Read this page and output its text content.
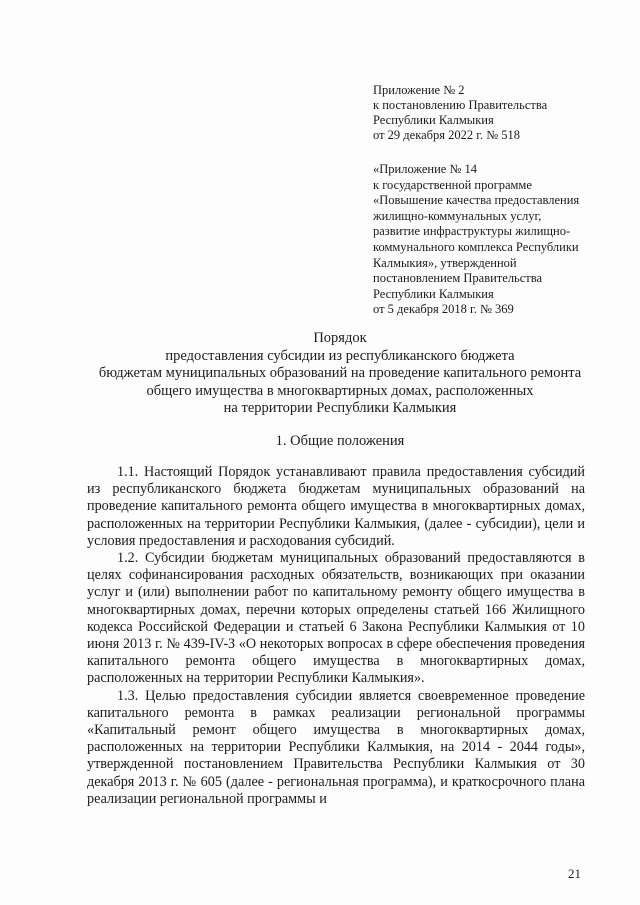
Приложение № 2
к постановлению Правительства
Республики Калмыкия
от 29 декабря 2022 г. № 518
«Приложение № 14
к государственной программе
«Повышение качества предоставления
жилищно-коммунальных услуг,
развитие инфраструктуры жилищно-
коммунального комплекса Республики
Калмыкия», утвержденной
постановлением Правительства
Республики Калмыкия
от 5 декабря 2018 г. № 369
Порядок
предоставления субсидии из республиканского бюджета
бюджетам муниципальных образований на проведение капитального ремонта
общего имущества в многоквартирных домах, расположенных
на территории Республики Калмыкия
1. Общие положения

1.1. Настоящий Порядок устанавливают правила предоставления субсидий из республиканского бюджета бюджетам муниципальных образований на проведение капитального ремонта общего имущества в многоквартирных домах, расположенных на территории Республики Калмыкия, (далее - субсидии), цели и условия предоставления и расходования субсидий.

1.2. Субсидии бюджетам муниципальных образований предоставляются в целях софинансирования расходных обязательств, возникающих при оказании услуг и (или) выполнении работ по капитальному ремонту общего имущества в многоквартирных домах, перечни которых определены статьей 166 Жилищного кодекса Российской Федерации и статьей 6 Закона Республики Калмыкия от 10 июня 2013 г. № 439-IV-З «О некоторых вопросах в сфере обеспечения проведения капитального ремонта общего имущества в многоквартирных домах, расположенных на территории Республики Калмыкия».

1.3. Целью предоставления субсидии является своевременное проведение капитального ремонта в рамках реализации региональной программы «Капитальный ремонт общего имущества в многоквартирных домах, расположенных на территории Республики Калмыкия, на 2014 - 2044 годы», утвержденной постановлением Правительства Республики Калмыкия от 30 декабря 2013 г. № 605 (далее - региональная программа), и краткосрочного плана реализации региональной программы и

21
